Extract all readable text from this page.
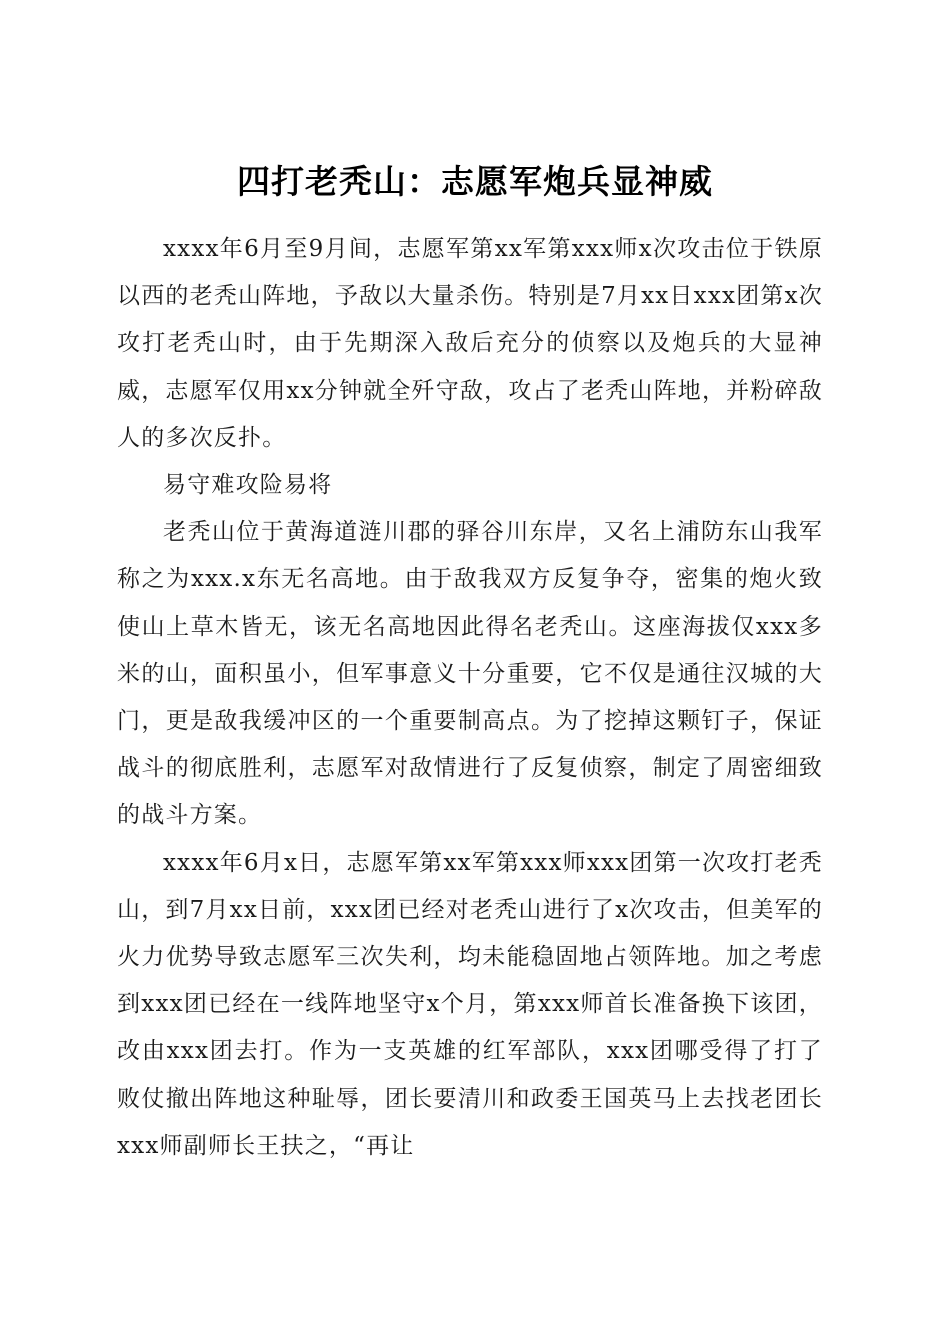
四打老秃山：志愿军炮兵显神威

xxxx年6月至9月间，志愿军第xx军第xxx师x次攻击位于铁原以西的老秃山阵地，予敌以大量杀伤。特别是7月xx日xxx团第x次攻打老秃山时，由于先期深入敌后充分的侦察以及炮兵的大显神威，志愿军仅用xx分钟就全歼守敌，攻占了老秃山阵地，并粉碎敌人的多次反扑。

易守难攻险易将

老秃山位于黄海道涟川郡的驿谷川东岸，又名上浦防东山我军称之为xxx.x东无名高地。由于敌我双方反复争夺，密集的炮火致使山上草木皆无，该无名高地因此得名老秃山。这座海拔仅xxx多米的山，面积虽小，但军事意义十分重要，它不仅是通往汉城的大门，更是敌我缓冲区的一个重要制高点。为了挖掉这颗钉子，保证战斗的彻底胜利，志愿军对敌情进行了反复侦察，制定了周密细致的战斗方案。

xxxx年6月x日，志愿军第xx军第xxx师xxx团第一次攻打老秃山，到7月xx日前，xxx团已经对老秃山进行了x次攻击，但美军的火力优势导致志愿军三次失利，均未能稳固地占领阵地。加之考虑到xxx团已经在一线阵地坚守x个月，第xxx师首长准备换下该团，改由xxx团去打。作为一支英雄的红军部队，xxx团哪受得了打了败仗撤出阵地这种耻辱，团长要清川和政委王国英马上去找老团长xxx师副师长王扶之，“再让
